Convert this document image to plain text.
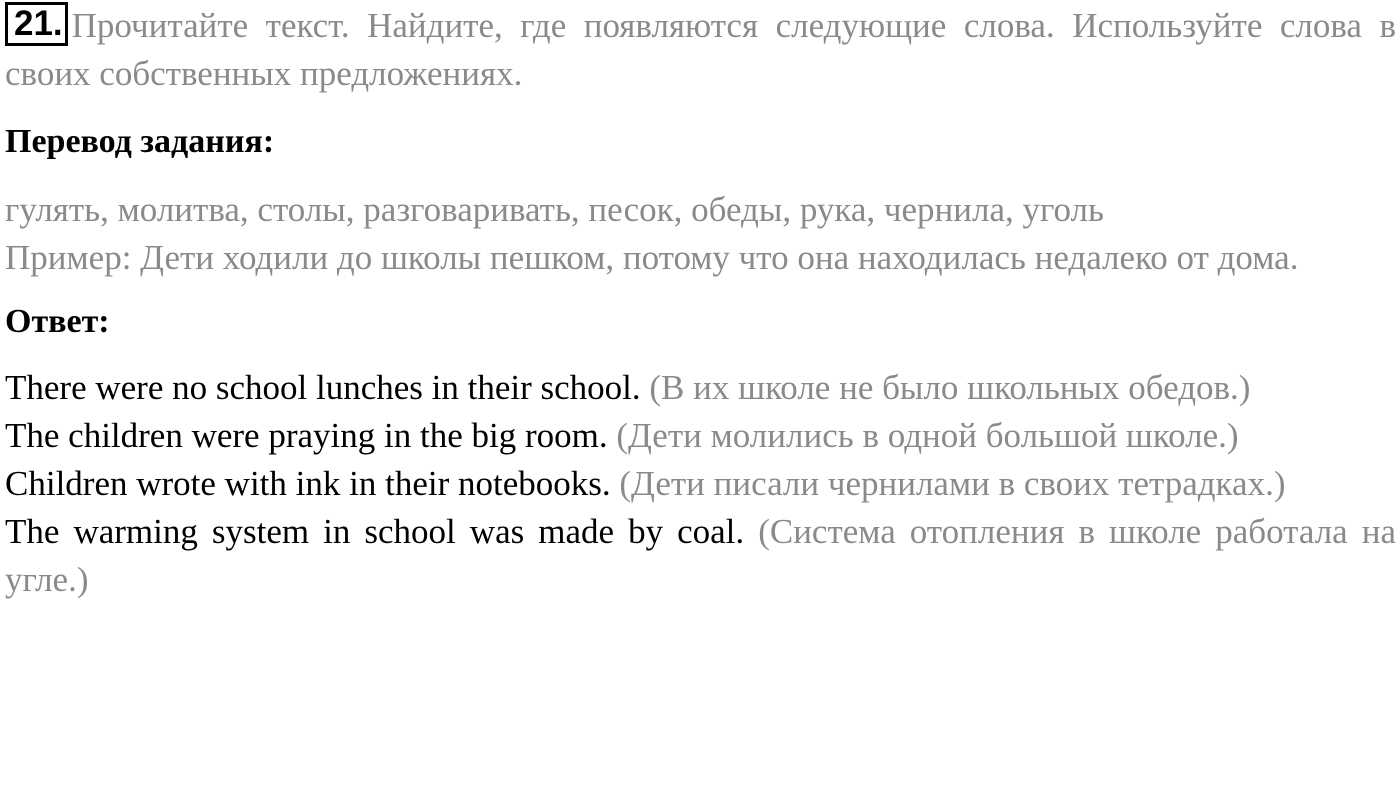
21. Прочитайте текст. Найдите, где появляются следующие слова. Используйте слова в своих собственных предложениях.

Перевод задания:

гулять, молитва, столы, разговаривать, песок, обеды, рука, чернила, уголь

Пример: Дети ходили до школы пешком, потому что она находилась недалеко от дома.

Ответ:

There were no school lunches in their school. (В их школе не было школьных обедов.)

The children were praying in the big room. (Дети молились в одной большой школе.)

Children wrote with ink in their notebooks. (Дети писали чернилами в своих тетрадках.)

The warming system in school was made by coal. (Система отопления в школе работала на угле.)
